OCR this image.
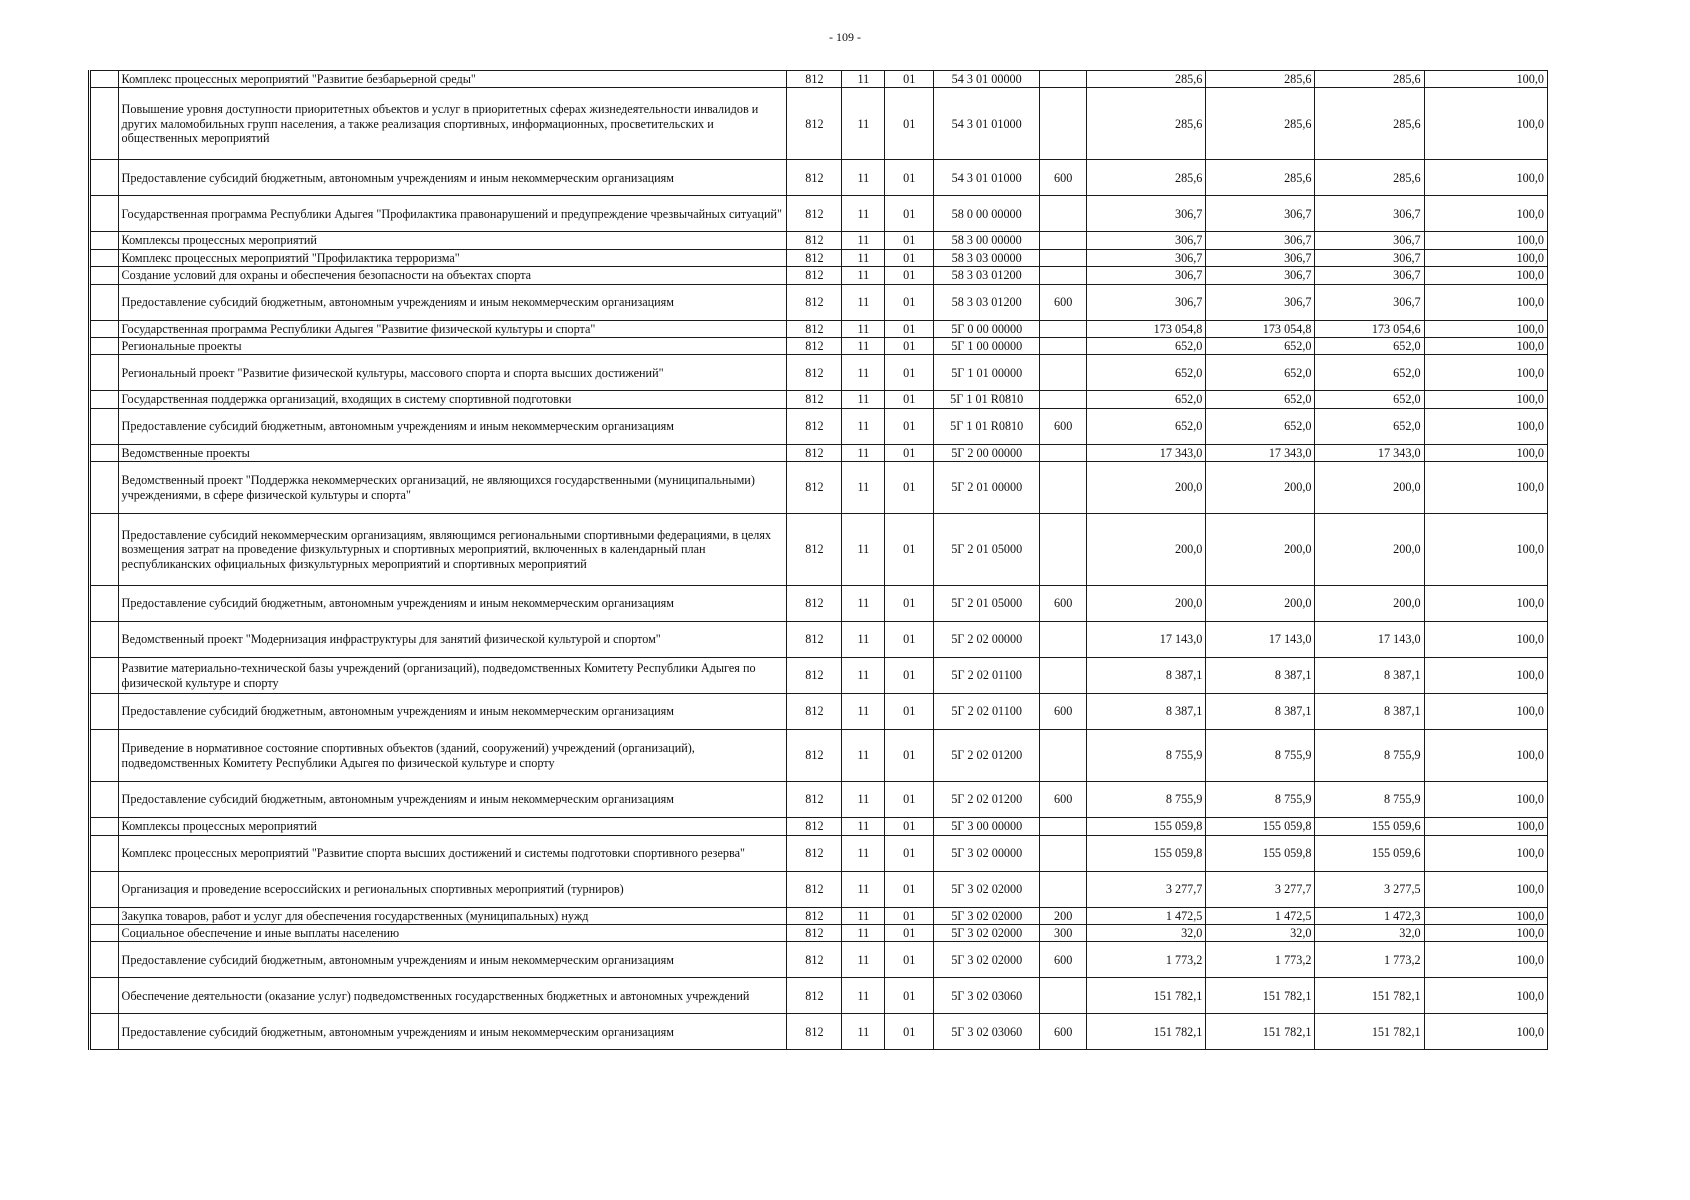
- 109 -
	Комплекс процессных мероприятий "Развитие безбарьерной среды"	812	11	01	54 3 01 00000		285,6	285,6	285,6	100,0
	Повышение уровня доступности приоритетных объектов и услуг в приоритетных сферах жизнедеятельности инвалидов и других маломобильных групп населения, а также реализация спортивных, информационных, просветительских и общественных мероприятий	812	11	01	54 3 01 01000		285,6	285,6	285,6	100,0
	Предоставление субсидий бюджетным, автономным учреждениям и иным некоммерческим организациям	812	11	01	54 3 01 01000	600	285,6	285,6	285,6	100,0
	Государственная программа Республики Адыгея "Профилактика правонарушений и предупреждение чрезвычайных ситуаций"	812	11	01	58 0 00 00000		306,7	306,7	306,7	100,0
	Комплексы процессных мероприятий	812	11	01	58 3 00 00000		306,7	306,7	306,7	100,0
	Комплекс процессных мероприятий "Профилактика терроризма"	812	11	01	58 3 03 00000		306,7	306,7	306,7	100,0
	Создание условий для охраны и обеспечения безопасности на объектах спорта	812	11	01	58 3 03 01200		306,7	306,7	306,7	100,0
	Предоставление субсидий бюджетным, автономным учреждениям и иным некоммерческим организациям	812	11	01	58 3 03 01200	600	306,7	306,7	306,7	100,0
	Государственная программа Республики Адыгея "Развитие физической культуры и спорта"	812	11	01	5Г 0 00 00000		173 054,8	173 054,8	173 054,6	100,0
	Региональные проекты	812	11	01	5Г 1 00 00000		652,0	652,0	652,0	100,0
	Региональный проект "Развитие физической культуры, массового спорта и спорта высших достижений"	812	11	01	5Г 1 01 00000		652,0	652,0	652,0	100,0
	Государственная поддержка организаций, входящих в систему спортивной подготовки	812	11	01	5Г 1 01 R0810		652,0	652,0	652,0	100,0
	Предоставление субсидий бюджетным, автономным учреждениям и иным некоммерческим организациям	812	11	01	5Г 1 01 R0810	600	652,0	652,0	652,0	100,0
	Ведомственные проекты	812	11	01	5Г 2 00 00000		17 343,0	17 343,0	17 343,0	100,0
	Ведомственный проект "Поддержка некоммерческих организаций, не являющихся государственными (муниципальными) учреждениями, в сфере физической культуры и спорта"	812	11	01	5Г 2 01 00000		200,0	200,0	200,0	100,0
	Предоставление субсидий некоммерческим организациям, являющимся региональными спортивными федерациями, в целях возмещения затрат на проведение физкультурных и спортивных мероприятий, включенных в календарный план республиканских официальных физкультурных мероприятий и спортивных мероприятий	812	11	01	5Г 2 01 05000		200,0	200,0	200,0	100,0
	Предоставление субсидий бюджетным, автономным учреждениям и иным некоммерческим организациям	812	11	01	5Г 2 01 05000	600	200,0	200,0	200,0	100,0
	Ведомственный проект "Модернизация инфраструктуры для занятий физической культурой и спортом"	812	11	01	5Г 2 02 00000		17 143,0	17 143,0	17 143,0	100,0
	Развитие материально-технической базы учреждений (организаций), подведомственных Комитету Республики Адыгея по физической культуре и спорту	812	11	01	5Г 2 02 01100		8 387,1	8 387,1	8 387,1	100,0
	Предоставление субсидий бюджетным, автономным учреждениям и иным некоммерческим организациям	812	11	01	5Г 2 02 01100	600	8 387,1	8 387,1	8 387,1	100,0
	Приведение в нормативное состояние спортивных объектов (зданий, сооружений) учреждений (организаций), подведомственных Комитету Республики Адыгея по физической культуре и спорту	812	11	01	5Г 2 02 01200		8 755,9	8 755,9	8 755,9	100,0
	Предоставление субсидий бюджетным, автономным учреждениям и иным некоммерческим организациям	812	11	01	5Г 2 02 01200	600	8 755,9	8 755,9	8 755,9	100,0
	Комплексы процессных мероприятий	812	11	01	5Г 3 00 00000		155 059,8	155 059,8	155 059,6	100,0
	Комплекс процессных мероприятий "Развитие спорта высших достижений и системы подготовки спортивного резерва"	812	11	01	5Г 3 02 00000		155 059,8	155 059,8	155 059,6	100,0
	Организация и проведение всероссийских и региональных спортивных мероприятий (турниров)	812	11	01	5Г 3 02 02000		3 277,7	3 277,7	3 277,5	100,0
	Закупка товаров, работ и услуг для обеспечения государственных (муниципальных) нужд	812	11	01	5Г 3 02 02000	200	1 472,5	1 472,5	1 472,3	100,0
	Социальное обеспечение и иные выплаты населению	812	11	01	5Г 3 02 02000	300	32,0	32,0	32,0	100,0
	Предоставление субсидий бюджетным, автономным учреждениям и иным некоммерческим организациям	812	11	01	5Г 3 02 02000	600	1 773,2	1 773,2	1 773,2	100,0
	Обеспечение деятельности (оказание услуг) подведомственных государственных бюджетных и автономных учреждений	812	11	01	5Г 3 02 03060		151 782,1	151 782,1	151 782,1	100,0
	Предоставление субсидий бюджетным, автономным учреждениям и иным некоммерческим организациям	812	11	01	5Г 3 02 03060	600	151 782,1	151 782,1	151 782,1	100,0
